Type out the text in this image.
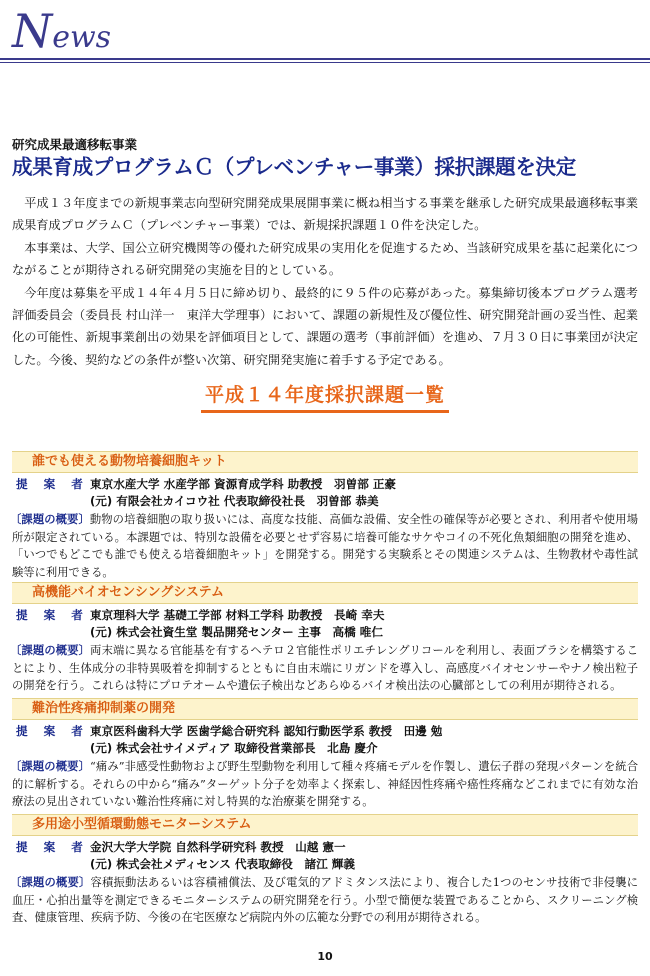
News
研究成果最適移転事業
成果育成プログラムＣ（プレベンチャー事業）採択課題を決定

平成１３年度までの新規事業志向型研究開発成果展開事業に概ね相当する事業を継承した研究成果最適移転事業 成果育成プログラムＣ（プレベンチャー事業）では、新規採択課題１０件を決定した。

本事業は、大学、国公立研究機関等の優れた研究成果の実用化を促進するため、当該研究成果を基に起業化につながることが期待される研究開発の実施を目的としている。

今年度は募集を平成１４年４月５日に締め切り、最終的に９５件の応募があった。募集締切後本プログラム選考評価委員会（委員長 村山洋一　東洋大学理事）において、課題の新規性及び優位性、研究開発計画の妥当性、起業化の可能性、新規事業創出の効果を評価項目として、課題の選考（事前評価）を進め、７月３０日に事業団が決定した。今後、契約などの条件が整い次第、研究開発実施に着手する予定である。

平成１４年度採択課題一覧
誰でも使える動物培養細胞キット
提 案 者 東京水産大学 水産学部 資源育成学科 助教授　 羽曽部 正豪
(元) 有限会社カイコウ社 代表取締役社長　 羽曽部 恭美
〔課題の概要〕動物の培養細胞の取り扱いには、高度な技能、高価な設備、安全性の確保等が必要とされ、利用者や使用場所が限定されている。本課題では、特別な設備を必要とせず容易に培養可能なサケやコイの不死化魚類細胞の開発を進め、「いつでもどこでも誰でも使える培養細胞キット」を開発する。開発する実験系とその関連システムは、生物教材や毒性試験等に利用できる。
高機能バイオセンシングシステム
提 案 者 東京理科大学 基礎工学部 材料工学科 助教授　 長崎 幸夫
(元) 株式会社資生堂 製品開発センター 主事　 高橋 唯仁
〔課題の概要〕両末端に異なる官能基を有するヘテロ２官能性ポリエチレングリコールを利用し、表面ブラシを構築することにより、生体成分の非特異吸着を抑制するとともに自由末端にリガンドを導入し、高感度バイオセンサーやナノ検出粒子の開発を行う。これらは特にプロテオームや遺伝子検出などあらゆるバイオ検出法の心臓部としての利用が期待される。
難治性疼痛抑制薬の開発
提 案 者 東京医科歯科大学 医歯学総合研究科 認知行動医学系 教授　 田邊 勉
(元) 株式会社サイメディア 取締役営業部長　 北島 慶介
〔課題の概要〕“痛み”非感受性動物および野生型動物を利用して種々疼痛モデルを作製し、遺伝子群の発現パターンを統合的に解析する。それらの中から“痛み”ターゲット分子を効率よく探索し、神経因性疼痛や癌性疼痛などこれまでに有効な治療法の見出されていない難治性疼痛に対し特異的な治療薬を開発する。
多用途小型循環動態モニターシステム
提 案 者 金沢大学大学院 自然科学研究科 教授　 山越 憲一
(元) 株式会社メディセンス 代表取締役　 諸江 輝義
〔課題の概要〕容積振動法あるいは容積補償法、及び電気的アドミタンス法により、複合した1つのセンサ技術で非侵襲に血圧・心拍出量等を測定できるモニターシステムの研究開発を行う。小型で簡便な装置であることから、スクリーニング検査、健康管理、疾病予防、今後の在宅医療など病院内外の広範な分野での利用が期待される。
10
